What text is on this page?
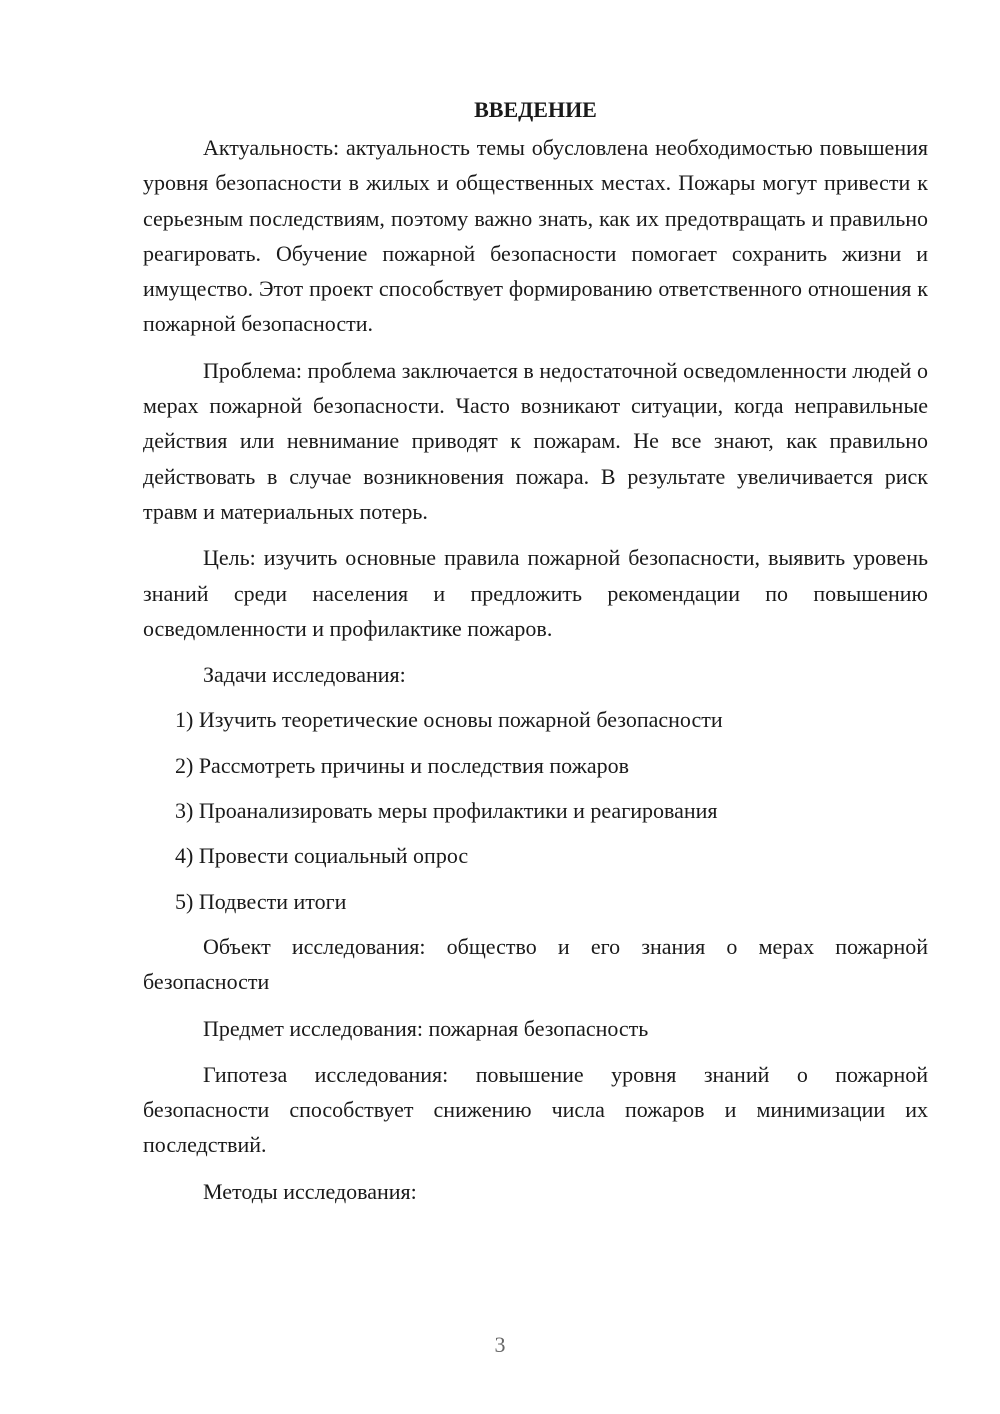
ВВЕДЕНИЕ

Актуальность: актуальность темы обусловлена необходимостью повышения уровня безопасности в жилых и общественных местах. Пожары могут привести к серьезным последствиям, поэтому важно знать, как их предотвращать и правильно реагировать. Обучение пожарной безопасности помогает сохранить жизни и имущество. Этот проект способствует формированию ответственного отношения к пожарной безопасности.

Проблема: проблема заключается в недостаточной осведомленности людей о мерах пожарной безопасности. Часто возникают ситуации, когда неправильные действия или невнимание приводят к пожарам. Не все знают, как правильно действовать в случае возникновения пожара. В результате увеличивается риск травм и материальных потерь.

Цель: изучить основные правила пожарной безопасности, выявить уровень знаний среди населения и предложить рекомендации по повышению осведомленности и профилактике пожаров.

Задачи исследования:

1) Изучить теоретические основы пожарной безопасности
2) Рассмотреть причины и последствия пожаров
3) Проанализировать меры профилактики и реагирования
4) Провести социальный опрос
5) Подвести итоги

Объект исследования: общество и его знания о мерах пожарной безопасности

Предмет исследования: пожарная безопасность

Гипотеза исследования: повышение уровня знаний о пожарной безопасности способствует снижению числа пожаров и минимизации их последствий.

Методы исследования:

3
